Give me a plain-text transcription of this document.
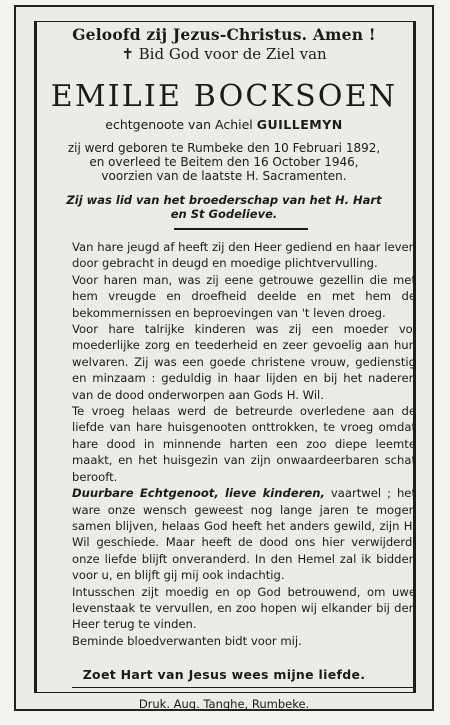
Geloofd zij Jezus-Christus. Amen !
✝ Bid God voor de Ziel van
EMILIE BOCKSOEN
echtgenoote van Achiel GUILLEMYN
zij werd geboren te Rumbeke den 10 Februari 1892,
en overleed te Beitem den 16 October 1946,
voorzien van de laatste H. Sacramenten.
Zij was lid van het broederschap van het H. Hart
en St Godelieve.

Van hare jeugd af heeft zij den Heer gediend en haar leven door gebracht in deugd en moedige plichtvervulling.

Voor haren man, was zij eene getrouwe gezellin die met hem vreugde en droefheid deelde en met hem de bekommernissen en beproevingen van 't leven droeg.

Voor hare talrijke kinderen was zij een moeder vol moederlijke zorg en teederheid en zeer gevoelig aan hun welvaren. Zij was een goede christene vrouw, gedienstig en minzaam : geduldig in haar lijden en bij het naderen van de dood onderworpen aan Gods H. Wil.

Te vroeg helaas werd de betreurde overledene aan de liefde van hare huisgenooten onttrokken, te vroeg omdat hare dood in minnende harten een zoo diepe leemte maakt, en het huisgezin van zijn onwaardeerbaren schat berooft.

Duurbare Echtgenoot, lieve kinderen, vaartwel ; het ware onze wensch geweest nog lange jaren te mogen samen blijven, helaas God heeft het anders gewild, zijn H. Wil geschiede. Maar heeft de dood ons hier verwijderd, onze liefde blijft onveranderd. In den Hemel zal ik bidden voor u, en blijft gij mij ook indachtig.

Intusschen zijt moedig en op God betrouwend, om uwe levenstaak te vervullen, en zoo hopen wij elkander bij den Heer terug te vinden.

Beminde bloedverwanten bidt voor mij.

Zoet Hart van Jesus wees mijne liefde.
Druk. Aug. Tanghe, Rumbeke.
